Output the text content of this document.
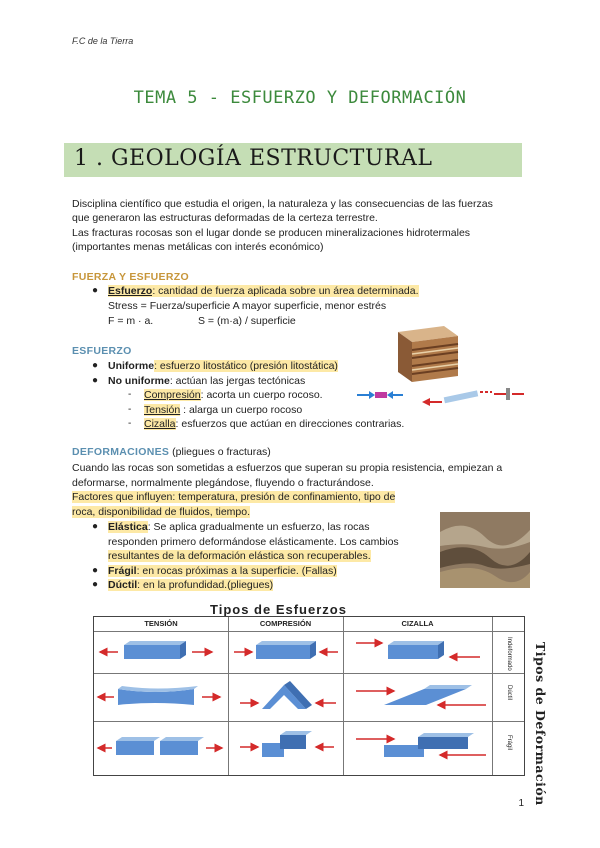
F.C de la Tierra
TEMA 5 - ESFUERZO Y DEFORMACIÓN
1 . GEOLOGÍA ESTRUCTURAL
Disciplina científico que estudia el origen, la naturaleza y las consecuencias de las fuerzas
que generaron las estructuras deformadas de la certeza terrestre.
Las fracturas rocosas son el lugar donde se producen mineralizaciones hidrotermales
(importantes menas metálicas con interés económico)
FUERZA Y ESFUERZO
● Esfuerzo: cantidad de fuerza aplicada sobre un área determinada.
Stress = Fuerza/superficie A mayor superficie, menor estrés
F = m · a.	S = (m·a) / superficie
ESFUERZO
● Uniforme: esfuerzo litostático (presión litostática)
● No uniforme: actúan las jergas tectónicas
- Compresión: acorta un cuerpo rocoso.
- Tensión : alarga un cuerpo rocoso
- Cizalla: esfuerzos que actúan en direcciones contrarias.
DEFORMACIONES (pliegues o fracturas)
Cuando las rocas son sometidas a esfuerzos que superan su propia resistencia, empiezan a
deformarse, normalmente plegándose, fluyendo o fracturándose.
Factores que influyen: temperatura, presión de confinamiento, tipo de
roca, disponibilidad de fluidos, tiempo.
● Elástica: Se aplica gradualmente un esfuerzo, las rocas
responden primero deformándose elásticamente. Los cambios
resultantes de la deformación elástica son recuperables.
● Frágil: en rocas próximas a la superficie. (Fallas)
● Dúctil: en la profundidad.(pliegues)
Tipos de Esfuerzos
TENSIÓN	COMPRESIÓN	CIZALLA
Indeformado
Dúctil
Frágil Tipos de Deformación
1
